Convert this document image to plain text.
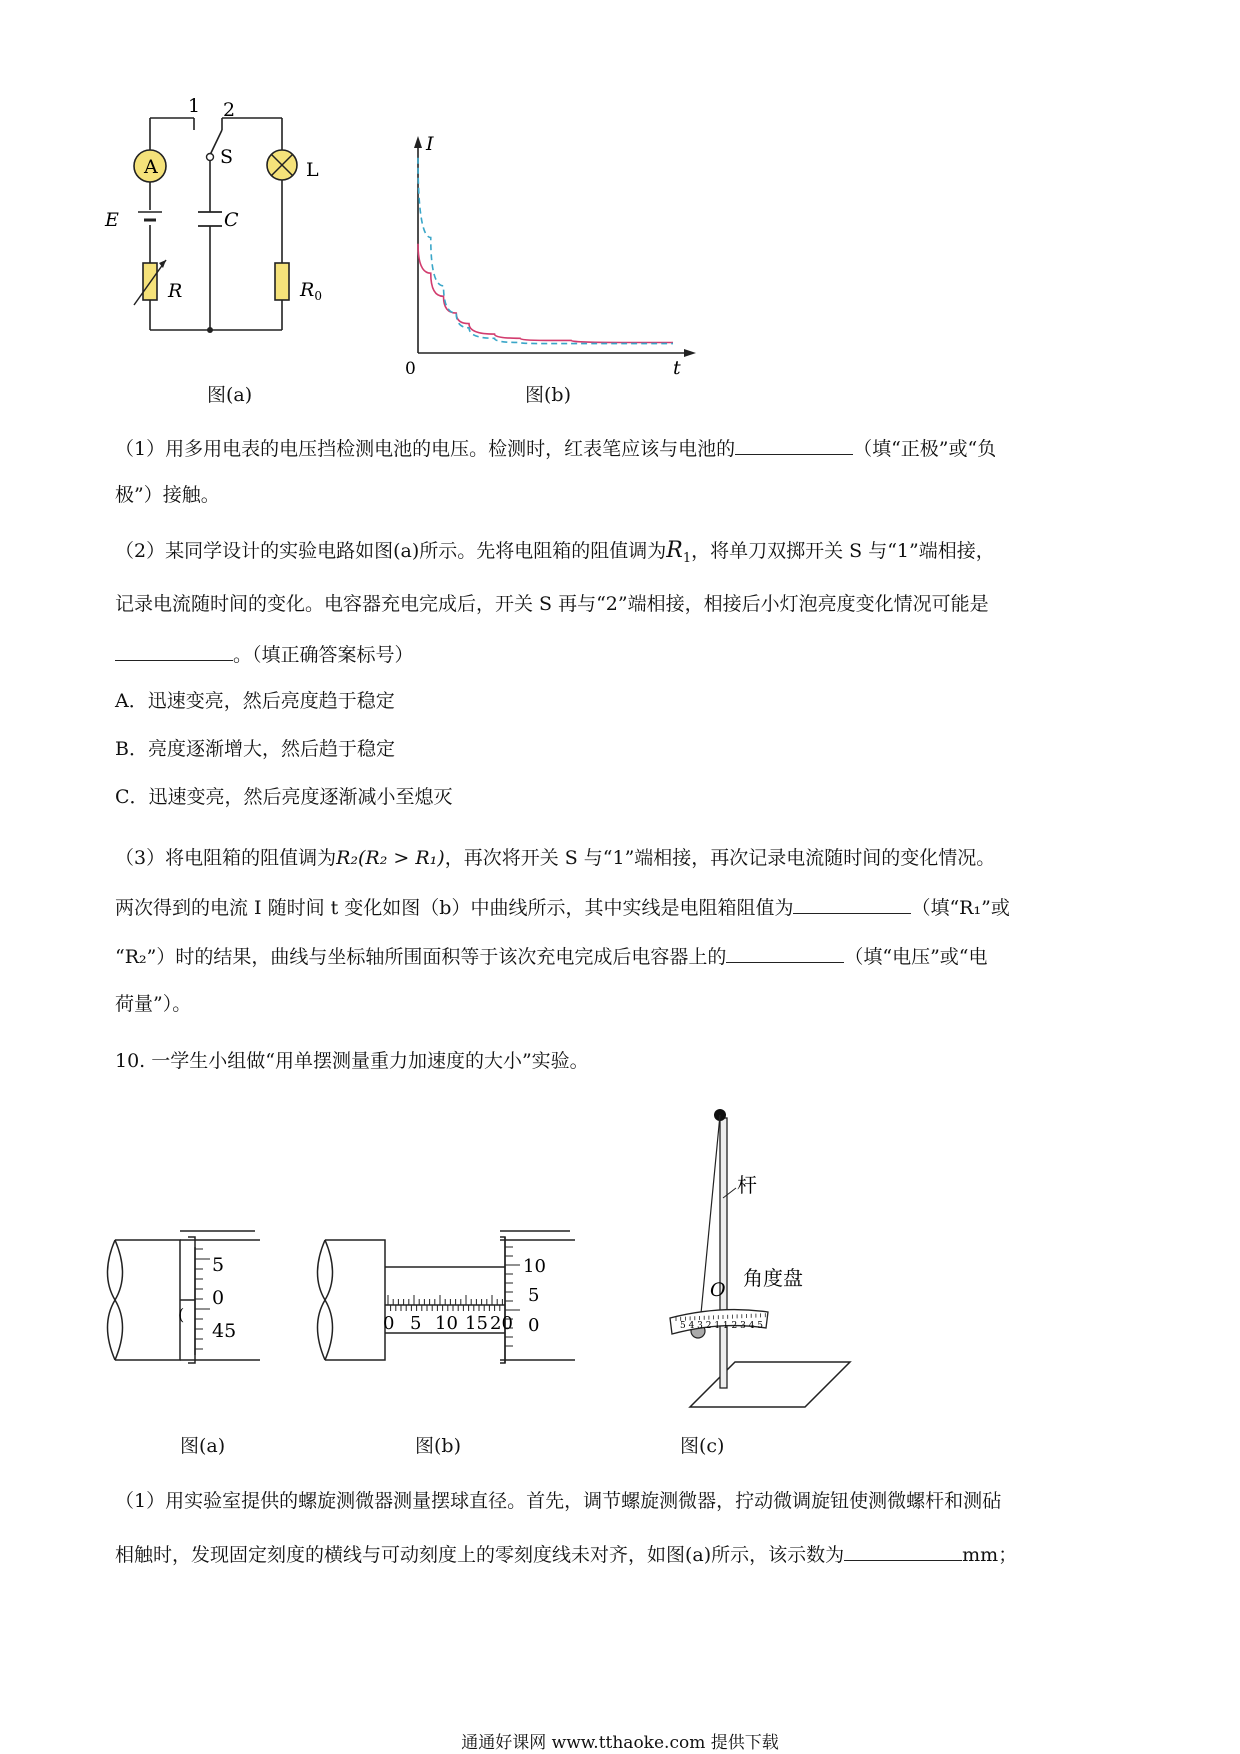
A
E
R
S
1 2
C
L
$R_0$
图(a)
I
t
0
图(b)
（1）用多用电表的电压挡检测电池的电压。检测时，红表笔应该与电池的	（填“正极”或“负
极”）接触。
（2）某同学设计的实验电路如图(a)所示。先将电阻箱的阻值调为$R_1$，将单刀双掷开关 S 与“1”端相接，
记录电流随时间的变化。电容器充电完成后，开关 S 再与“2”端相接，相接后小灯泡亮度变化情况可能是
。（填正确答案标号）
A．迅速变亮，然后亮度趋于稳定
B．亮度逐渐增大，然后趋于稳定
C．迅速变亮，然后亮度逐渐减小至熄灭
（3）将电阻箱的阻值调为R₂(R₂ > R₁)，再次将开关 S 与“1”端相接，再次记录电流随时间的变化情况。
两次得到的电流 I 随时间 t 变化如图（b）中曲线所示，其中实线是电阻箱阻值为	（填“R₁”或
“R₂”）时的结果，曲线与坐标轴所围面积等于该次充电完成后电容器上的	（填“电压”或“电
荷量”）。
10. 一学生小组做“用单摆测量重力加速度的大小”实验。
5
0
45
(
图(a)
0 5 10 15 20
10
5
0
图(b)
5 4 3 2 1 1 2 3 4 5
杆
O 角度盘
图(c)
（1）用实验室提供的螺旋测微器测量摆球直径。首先，调节螺旋测微器，拧动微调旋钮使测微螺杆和测砧
相触时，发现固定刻度的横线与可动刻度上的零刻度线未对齐，如图(a)所示，该示数为	mm；
通通好课网 www.tthaoke.com 提供下载
